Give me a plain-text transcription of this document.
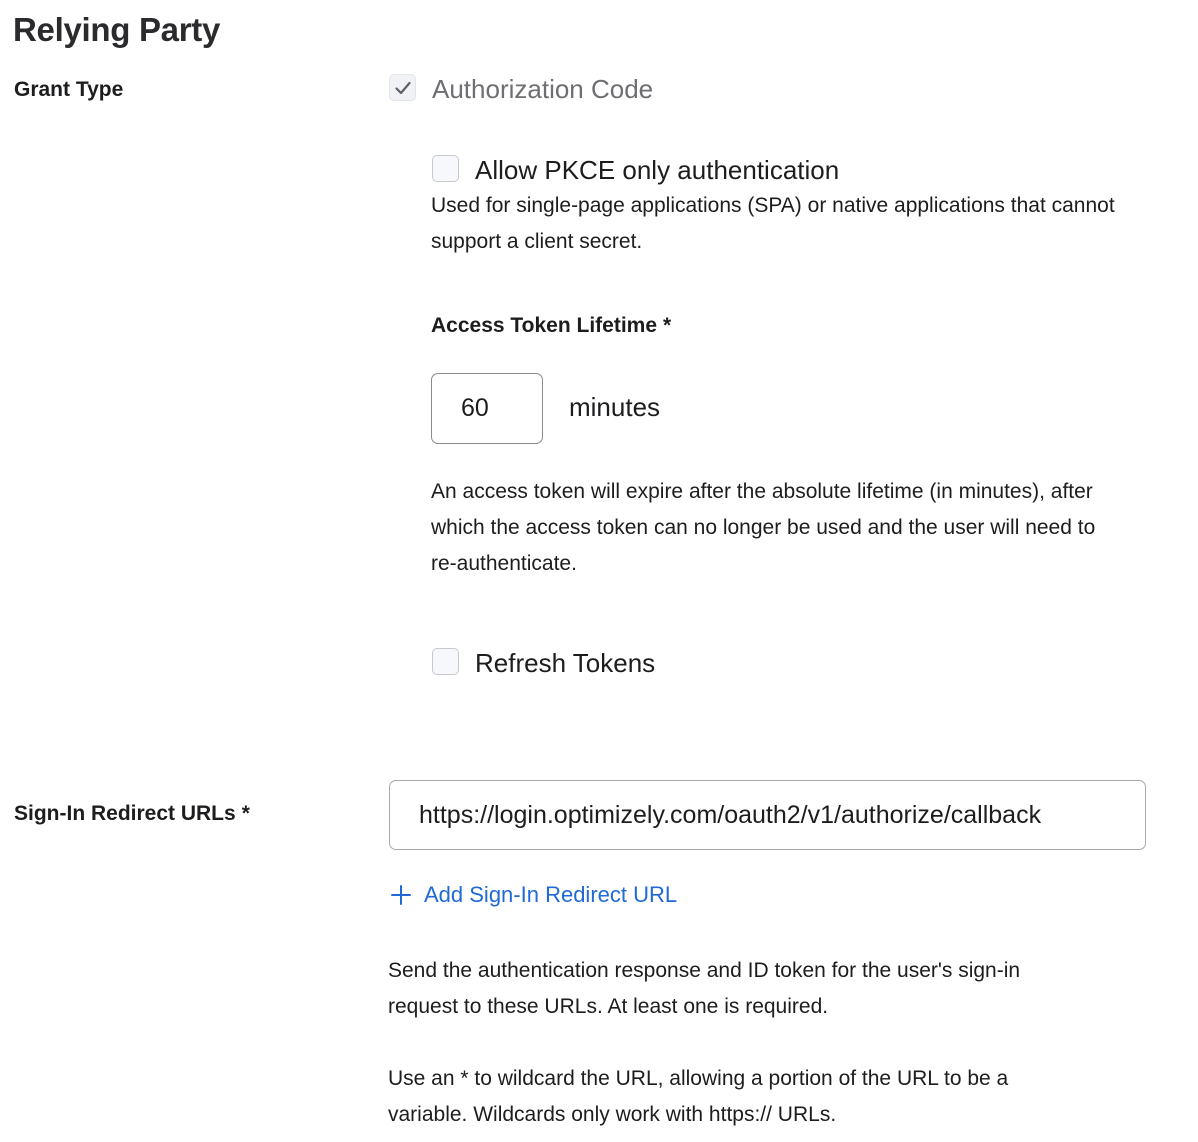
Relying Party
Grant Type	Authorization Code
Allow PKCE only authentication
Used for single-page applications (SPA) or native applications that cannot
support a client secret.
Access Token Lifetime *
60
minutes
An access token will expire after the absolute lifetime (in minutes), after
which the access token can no longer be used and the user will need to
re-authenticate.
Refresh Tokens
Sign-In Redirect URLs *
https://login.optimizely.com/oauth2/v1/authorize/callback
Add Sign-In Redirect URL
Send the authentication response and ID token for the user's sign-in
request to these URLs. At least one is required.
Use an * to wildcard the URL, allowing a portion of the URL to be a
variable. Wildcards only work with https:// URLs.
